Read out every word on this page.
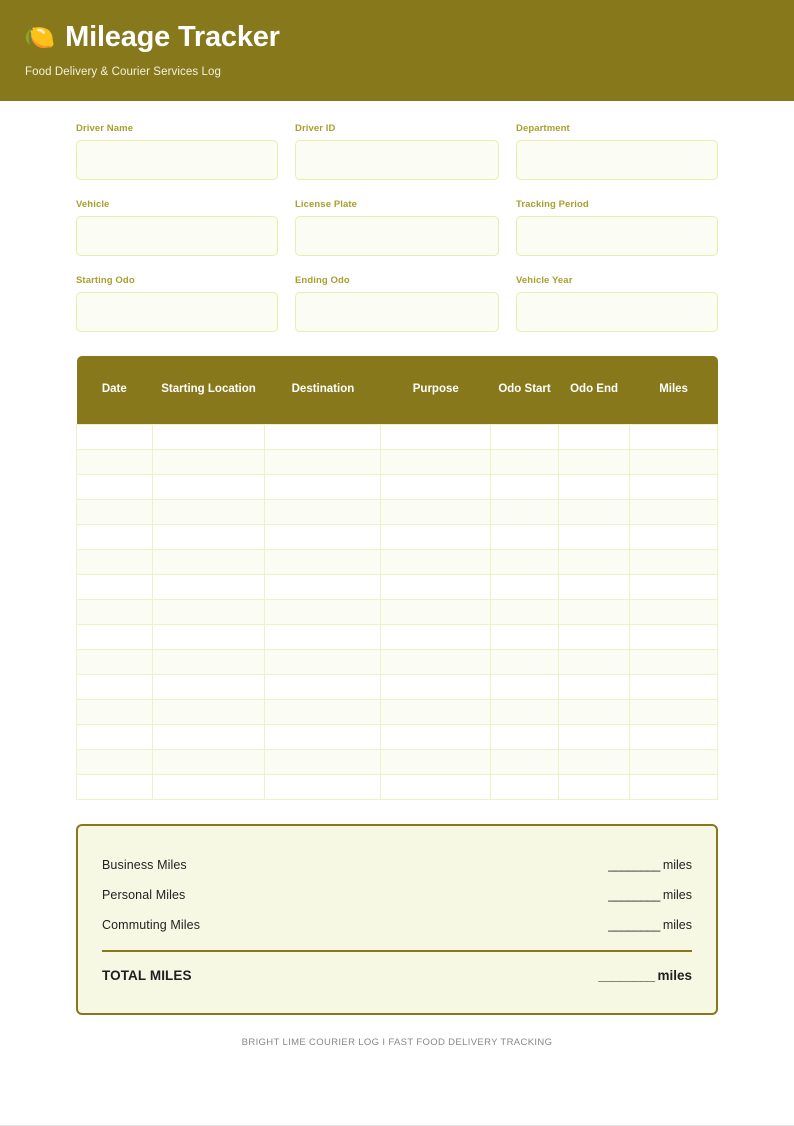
🍋 Mileage Tracker
Food Delivery & Courier Services Log
Driver Name	Driver ID	Department
Vehicle	License Plate	Tracking Period
Starting Odo	Ending Odo	Vehicle Year
Date	Starting Location	Destination	Purpose	Odo Start	Odo End	Miles

Business Miles	________ miles
Personal Miles	________ miles
Commuting Miles	________ miles
TOTAL MILES	________ miles
BRIGHT LIME COURIER LOG I FAST FOOD DELIVERY TRACKING
